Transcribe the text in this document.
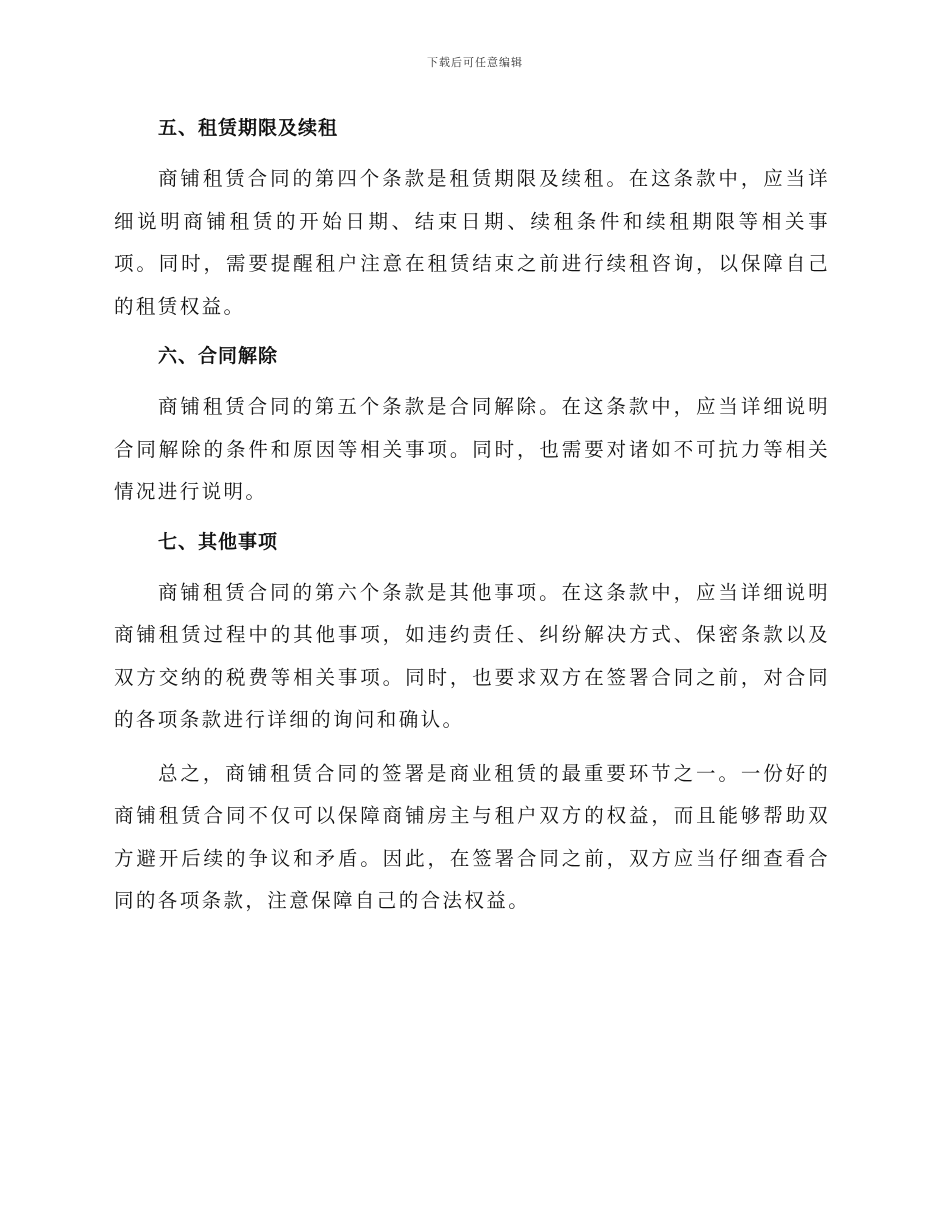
下载后可任意编辑
五、租赁期限及续租

商铺租赁合同的第四个条款是租赁期限及续租。在这条款中，应当详细说明商铺租赁的开始日期、结束日期、续租条件和续租期限等相关事项。同时，需要提醒租户注意在租赁结束之前进行续租咨询，以保障自己的租赁权益。

六、合同解除

商铺租赁合同的第五个条款是合同解除。在这条款中，应当详细说明合同解除的条件和原因等相关事项。同时，也需要对诸如不可抗力等相关情况进行说明。

七、其他事项

商铺租赁合同的第六个条款是其他事项。在这条款中，应当详细说明商铺租赁过程中的其他事项，如违约责任、纠纷解决方式、保密条款以及双方交纳的税费等相关事项。同时，也要求双方在签署合同之前，对合同的各项条款进行详细的询问和确认。

总之，商铺租赁合同的签署是商业租赁的最重要环节之一。一份好的商铺租赁合同不仅可以保障商铺房主与租户双方的权益，而且能够帮助双方避开后续的争议和矛盾。因此，在签署合同之前，双方应当仔细查看合同的各项条款，注意保障自己的合法权益。
